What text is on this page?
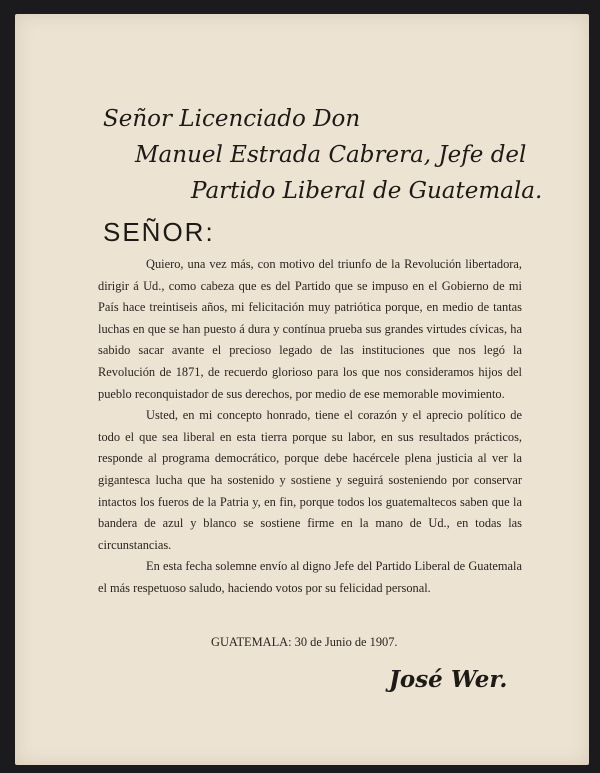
Señor Licenciado Don
Manuel Estrada Cabrera, Jefe del
Partido Liberal de Guatemala.
SEÑOR:

Quiero, una vez más, con motivo del triunfo de la Revolución libertadora, dirigir á Ud., como cabeza que es del Partido que se impuso en el Gobierno de mi País hace treintiseis años, mi felicitación muy patriótica porque, en medio de tantas luchas en que se han puesto á dura y contínua prueba sus grandes virtudes cívicas, ha sabido sacar avante el precioso legado de las instituciones que nos legó la Revolución de 1871, de recuerdo glorioso para los que nos consideramos hijos del pueblo reconquistador de sus derechos, por medio de ese memorable movimiento.

Usted, en mi concepto honrado, tiene el corazón y el aprecio político de todo el que sea liberal en esta tierra porque su labor, en sus resultados prácticos, responde al programa democrático, porque debe hacércele plena justicia al ver la gigantesca lucha que ha sostenido y sostiene y seguirá sosteniendo por conservar intactos los fueros de la Patria y, en fin, porque todos los guatemaltecos saben que la bandera de azul y blanco se sostiene firme en la mano de Ud., en todas las circunstancias.

En esta fecha solemne envío al digno Jefe del Partido Liberal de Guatemala el más respetuoso saludo, haciendo votos por su felicidad personal.

GUATEMALA: 30 de Junio de 1907.
José Wer.
